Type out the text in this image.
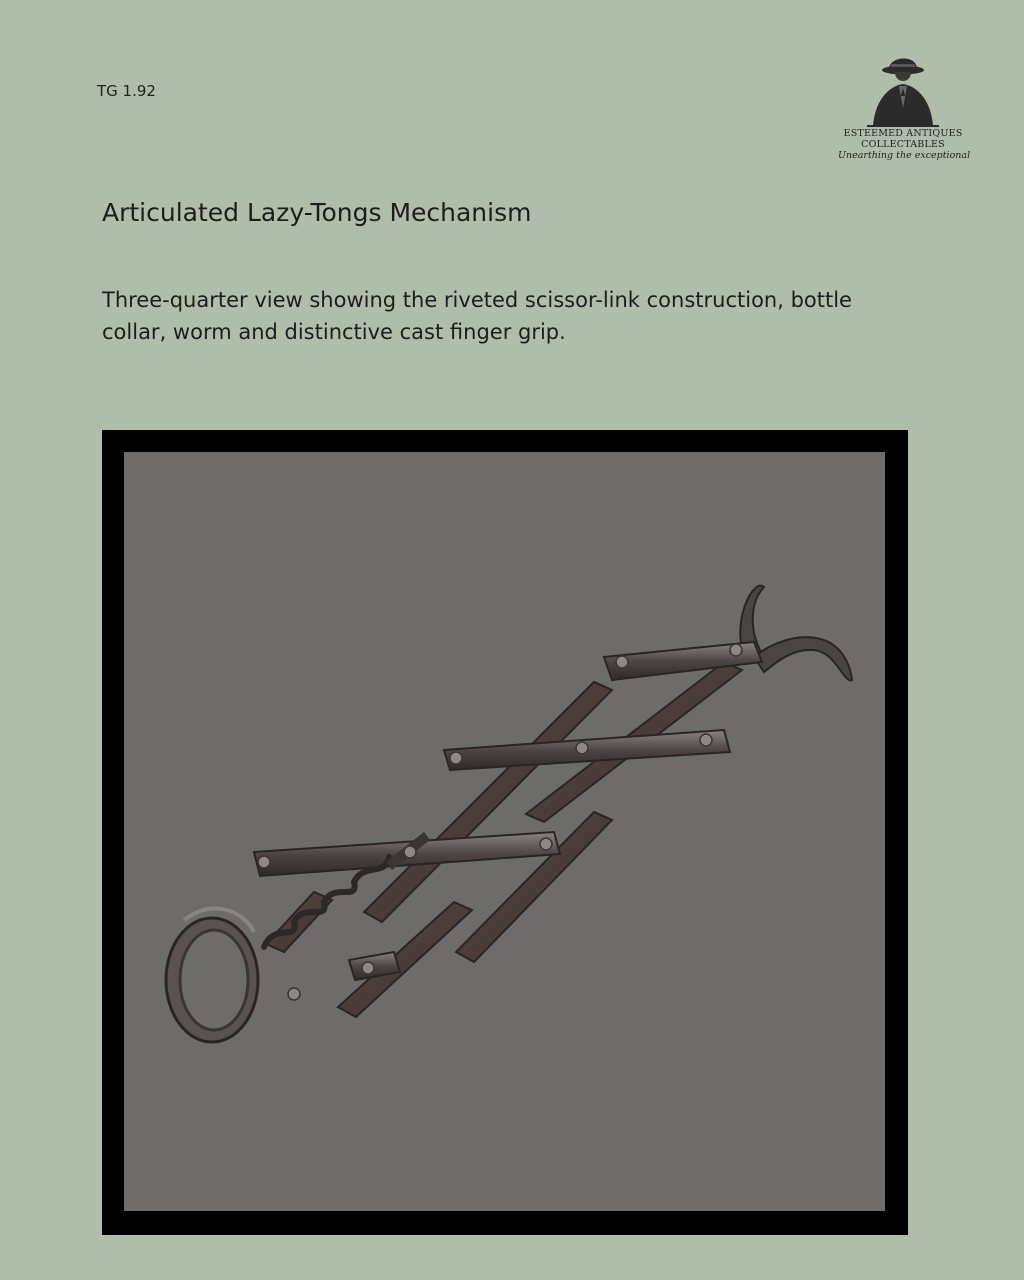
TG 1.92
ESTEEMED ANTIQUES
COLLECTABLES
Unearthing the exceptional
Articulated Lazy-Tongs Mechanism

Three-quarter view showing the riveted scissor-link construction, bottle collar, worm and distinctive cast finger grip.
